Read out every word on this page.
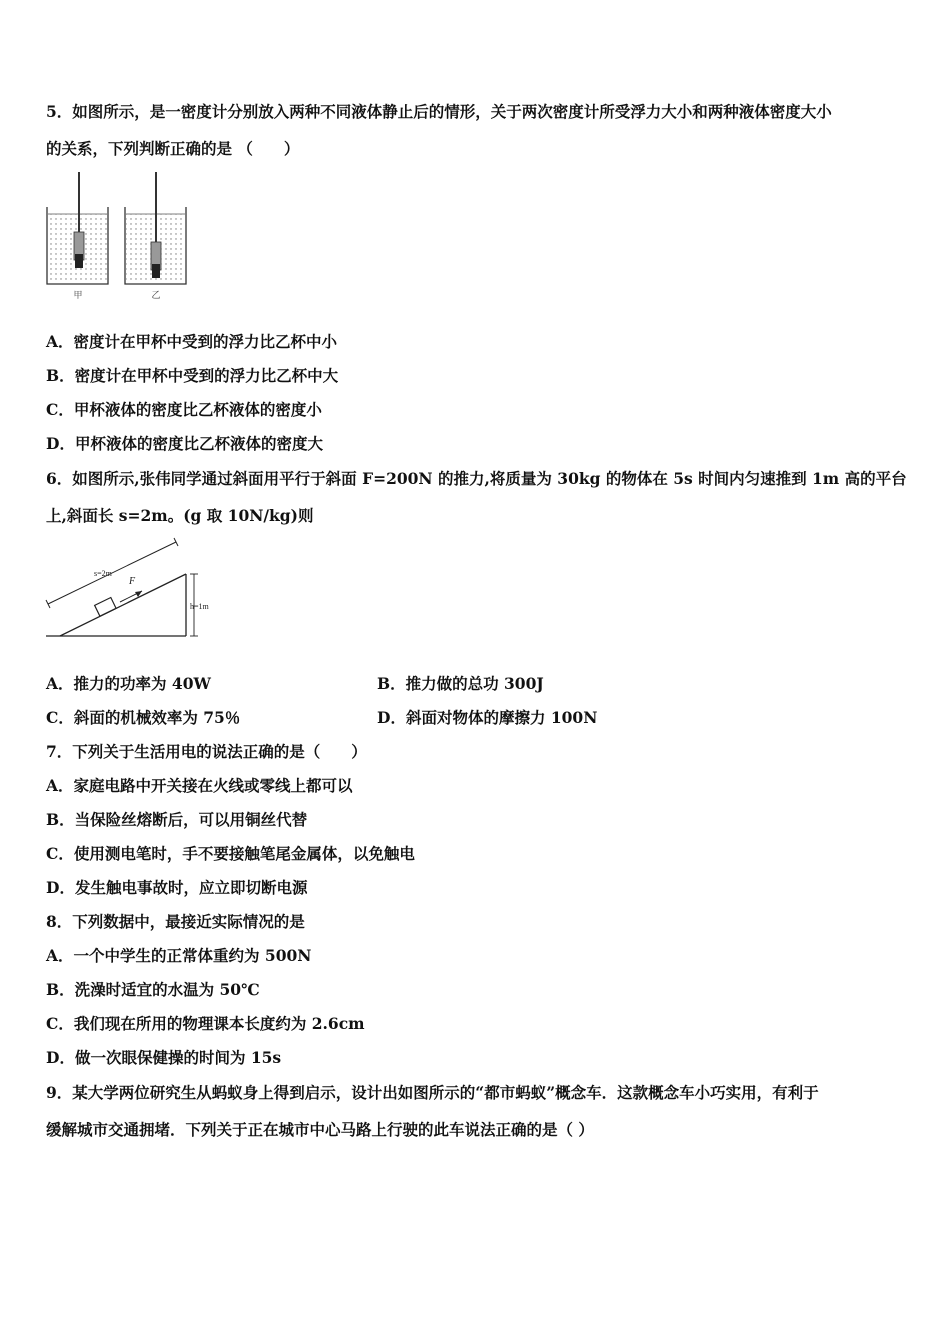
5．如图所示，是一密度计分别放入两种不同液体静止后的情形，关于两次密度计所受浮力大小和两种液体密度大小
的关系，下列判断正确的是 （　　）
甲	乙
A．密度计在甲杯中受到的浮力比乙杯中小
B．密度计在甲杯中受到的浮力比乙杯中大
C．甲杯液体的密度比乙杯液体的密度小
D．甲杯液体的密度比乙杯液体的密度大
6．如图所示,张伟同学通过斜面用平行于斜面 F=200N 的推力,将质量为 30kg 的物体在 5s 时间内匀速推到 1m 高的平台
上,斜面长 s=2m。(g 取 10N/kg)则
s=2m
F
h=1m
A．推力的功率为 40W	B．推力做的总功 300J
C．斜面的机械效率为 75％	D．斜面对物体的摩擦力 100N
7．下列关于生活用电的说法正确的是（　　）
A．家庭电路中开关接在火线或零线上都可以
B．当保险丝熔断后，可以用铜丝代替
C．使用测电笔时，手不要接触笔尾金属体，以免触电
D．发生触电事故时，应立即切断电源
8．下列数据中，最接近实际情况的是
A．一个中学生的正常体重约为 500N
B．洗澡时适宜的水温为 50℃
C．我们现在所用的物理课本长度约为 2.6cm
D．做一次眼保健操的时间为 15s
9．某大学两位研究生从蚂蚁身上得到启示，设计出如图所示的“都市蚂蚁”概念车．这款概念车小巧实用，有利于
缓解城市交通拥堵．下列关于正在城市中心马路上行驶的此车说法正确的是（ ）
